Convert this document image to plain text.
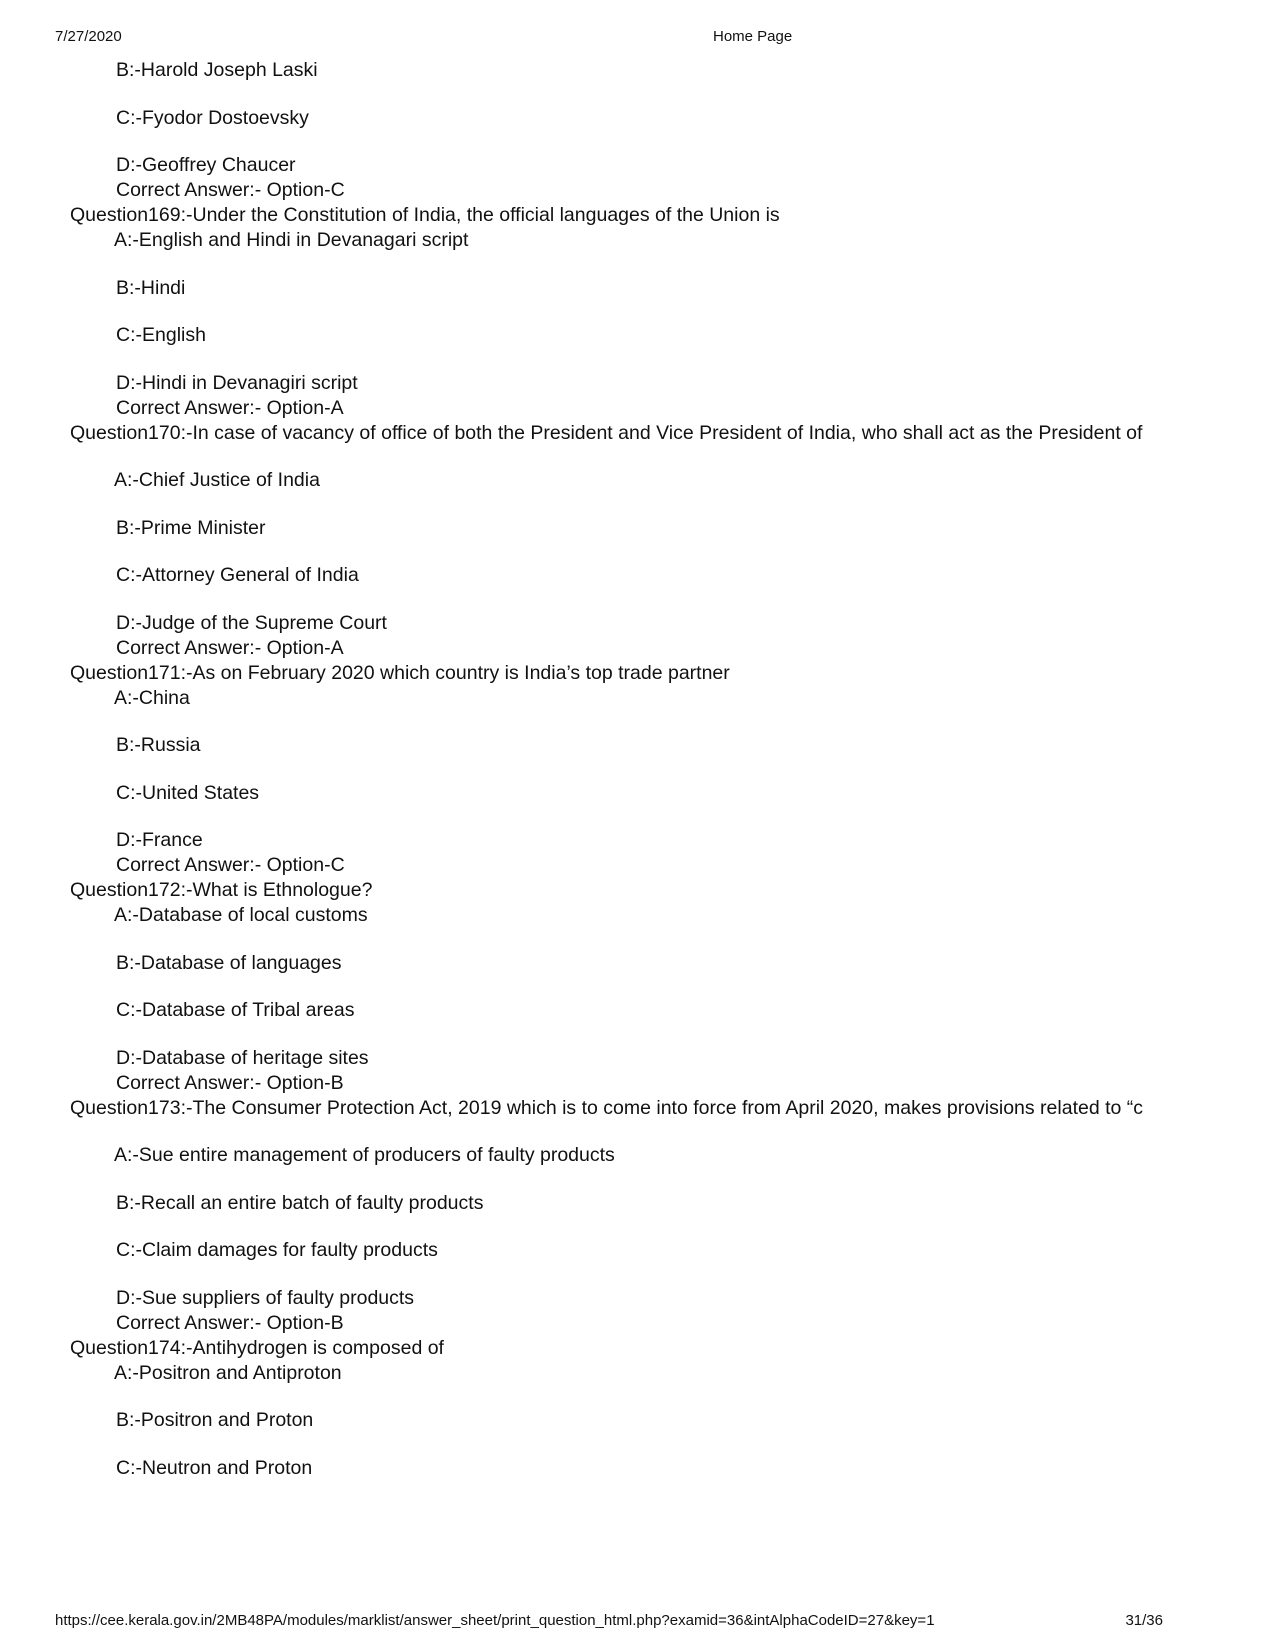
7/27/2020	Home Page
B:-Harold Joseph Laski
C:-Fyodor Dostoevsky
D:-Geoffrey Chaucer
Correct Answer:- Option-C
Question169:-Under the Constitution of India, the official languages of the Union is
A:-English and Hindi in Devanagari script
B:-Hindi
C:-English
D:-Hindi in Devanagiri script
Correct Answer:- Option-A
Question170:-In case of vacancy of office of both the President and Vice President of India, who shall act as the President of
A:-Chief Justice of India
B:-Prime Minister
C:-Attorney General of India
D:-Judge of the Supreme Court
Correct Answer:- Option-A
Question171:-As on February 2020 which country is India’s top trade partner
A:-China
B:-Russia
C:-United States
D:-France
Correct Answer:- Option-C
Question172:-What is Ethnologue?
A:-Database of local customs
B:-Database of languages
C:-Database of Tribal areas
D:-Database of heritage sites
Correct Answer:- Option-B
Question173:-The Consumer Protection Act, 2019 which is to come into force from April 2020, makes provisions related to “c
A:-Sue entire management of producers of faulty products
B:-Recall an entire batch of faulty products
C:-Claim damages for faulty products
D:-Sue suppliers of faulty products
Correct Answer:- Option-B
Question174:-Antihydrogen is composed of
A:-Positron and Antiproton
B:-Positron and Proton
C:-Neutron and Proton
https://cee.kerala.gov.in/2MB48PA/modules/marklist/answer_sheet/print_question_html.php?examid=36&intAlphaCodeID=27&key=1	31/36
